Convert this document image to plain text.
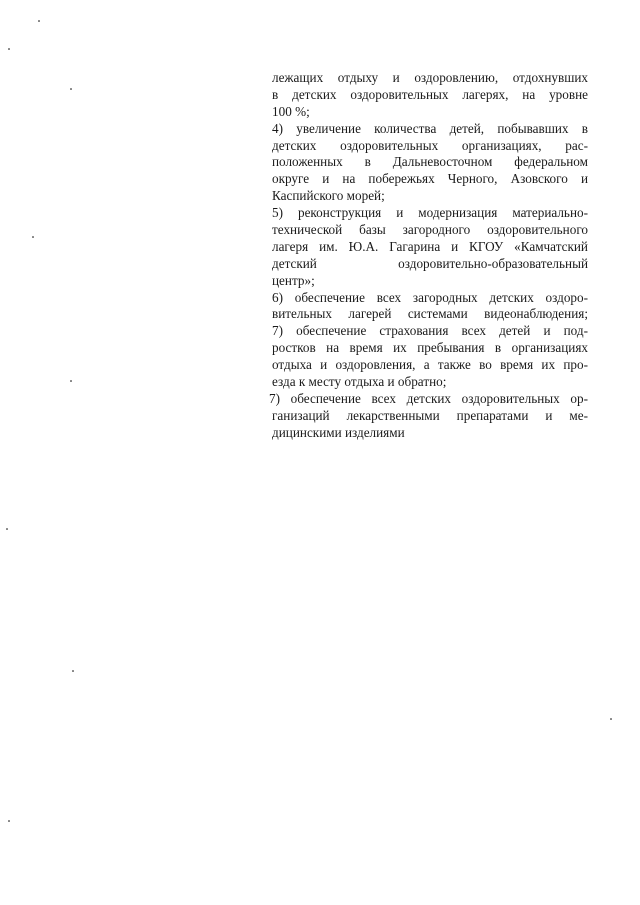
лежащих отдыху и оздоровлению, отдохнувших
в детских оздоровительных лагерях, на уровне
100 %;
4) увеличение количества детей, побывавших в
детских оздоровительных организациях, рас-
положенных в Дальневосточном федеральном
округе и на побережьях Черного, Азовского и
Каспийского морей;
5) реконструкция и модернизация материально-
технической базы загородного оздоровительного
лагеря им. Ю.А. Гагарина и КГОУ «Камчатский
детский оздоровительно-образовательный
центр»;
6) обеспечение всех загородных детских оздоро-
вительных лагерей системами видеонаблюдения;
7) обеспечение страхования всех детей и под-
ростков на время их пребывания в организациях
отдыха и оздоровления, а также во время их про-
езда к месту отдыха и обратно;
7) обеспечение всех детских оздоровительных ор-
ганизаций лекарственными препаратами и ме-
дицинскими изделиями
